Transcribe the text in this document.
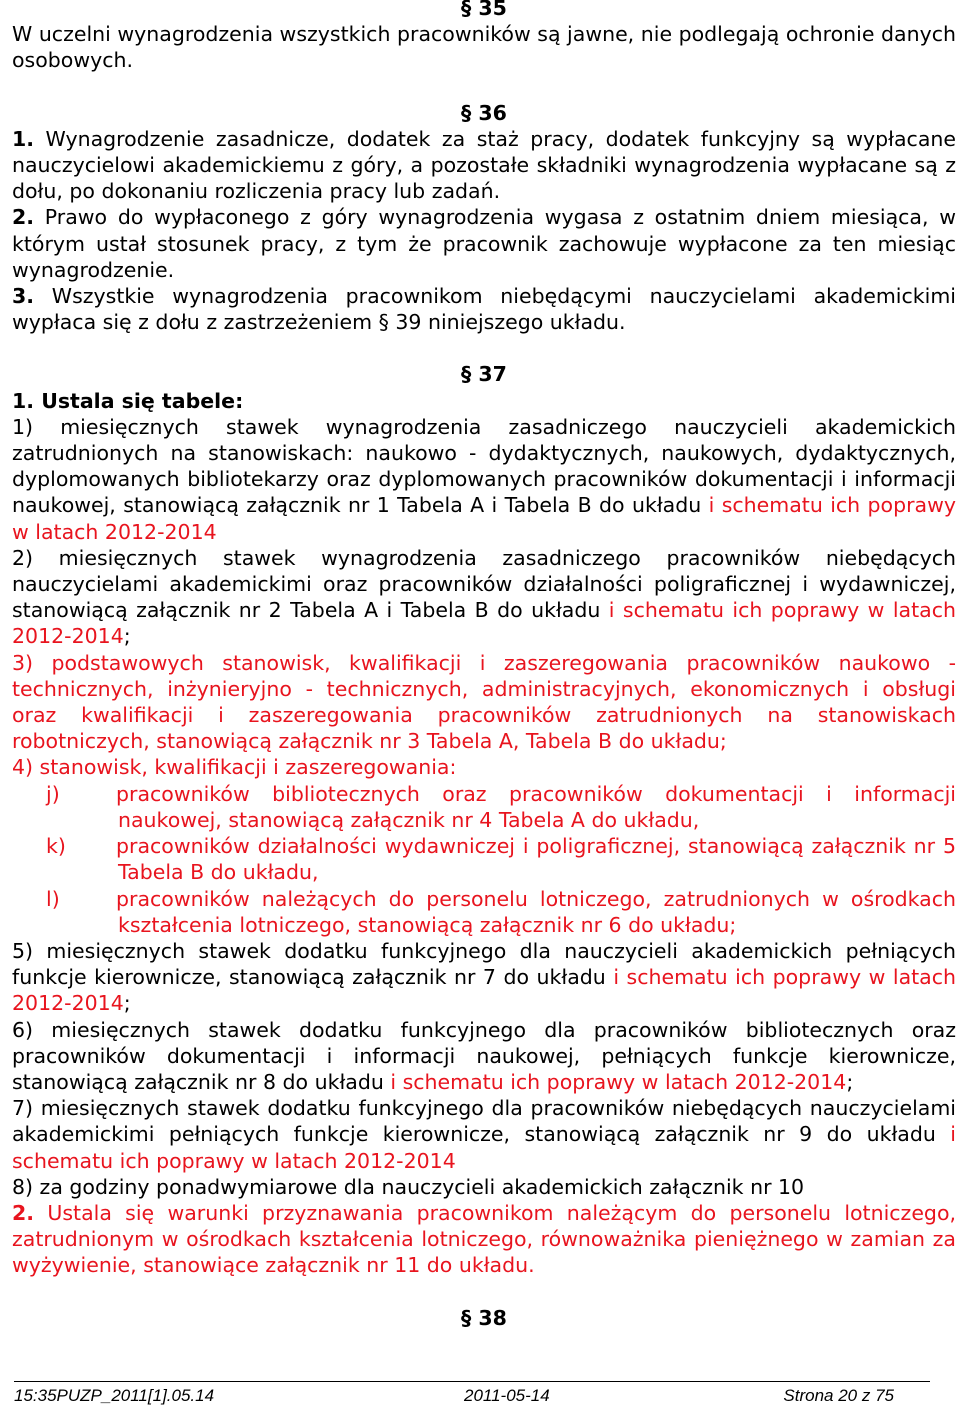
§ 35

W uczelni wynagrodzenia wszystkich pracowników są jawne, nie podlegają ochronie danych osobowych.

§ 36

1. Wynagrodzenie zasadnicze, dodatek za staż pracy, dodatek funkcyjny są wypłacane nauczycielowi akademickiemu z góry, a pozostałe składniki wynagrodzenia wypłacane są z dołu, po dokonaniu rozliczenia pracy lub zadań.

2. Prawo do wypłaconego z góry wynagrodzenia wygasa z ostatnim dniem miesiąca, w którym ustał stosunek pracy, z tym że pracownik zachowuje wypłacone za ten miesiąc wynagrodzenie.

3. Wszystkie wynagrodzenia pracownikom niebędącymi nauczycielami akademickimi wypłaca się z dołu z zastrzeżeniem § 39 niniejszego układu.

§ 37

1. Ustala się tabele:

1) miesięcznych stawek wynagrodzenia zasadniczego nauczycieli akademickich zatrudnionych na stanowiskach: naukowo - dydaktycznych, naukowych, dydaktycznych, dyplomowanych bibliotekarzy oraz dyplomowanych pracowników dokumentacji i informacji naukowej, stanowiącą załącznik nr 1 Tabela A i Tabela B do układu i schematu ich poprawy w latach 2012-2014

2) miesięcznych stawek wynagrodzenia zasadniczego pracowników niebędących nauczycielami akademickimi oraz pracowników działalności poligraficznej i wydawniczej, stanowiącą załącznik nr 2 Tabela A i Tabela B do układu i schematu ich poprawy w latach 2012-2014;

3) podstawowych stanowisk, kwalifikacji i zaszeregowania pracowników naukowo - technicznych, inżynieryjno - technicznych, administracyjnych, ekonomicznych i obsługi oraz kwalifikacji i zaszeregowania pracowników zatrudnionych na stanowiskach robotniczych, stanowiącą załącznik nr 3 Tabela A, Tabela B do układu;

4) stanowisk, kwalifikacji i zaszeregowania:

j)	pracowników bibliotecznych oraz pracowników dokumentacji i informacji naukowej, stanowiącą załącznik nr 4 Tabela A do układu,

k) pracowników działalności wydawniczej i poligraficznej, stanowiącą załącznik nr 5 Tabela B do układu,

l)	pracowników należących do personelu lotniczego, zatrudnionych w ośrodkach kształcenia lotniczego, stanowiącą załącznik nr 6 do układu;

5) miesięcznych stawek dodatku funkcyjnego dla nauczycieli akademickich pełniących funkcje kierownicze, stanowiącą załącznik nr 7 do układu i schematu ich poprawy w latach 2012-2014;

6) miesięcznych stawek dodatku funkcyjnego dla pracowników bibliotecznych oraz pracowników dokumentacji i informacji naukowej, pełniących funkcje kierownicze, stanowiącą załącznik nr 8 do układu i schematu ich poprawy w latach 2012-2014;

7) miesięcznych stawek dodatku funkcyjnego dla pracowników niebędących nauczycielami akademickimi pełniących funkcje kierownicze, stanowiącą załącznik nr 9 do układu i schematu ich poprawy w latach 2012-2014

8) za godziny ponadwymiarowe dla nauczycieli akademickich załącznik nr 10

2. Ustala się warunki przyznawania pracownikom należącym do personelu lotniczego, zatrudnionym w ośrodkach kształcenia lotniczego, równoważnika pieniężnego w zamian za wyżywienie, stanowiące załącznik nr 11 do układu.

§ 38
15:35PUZP_2011[1].05.14	2011-05-14	Strona 20 z 75
